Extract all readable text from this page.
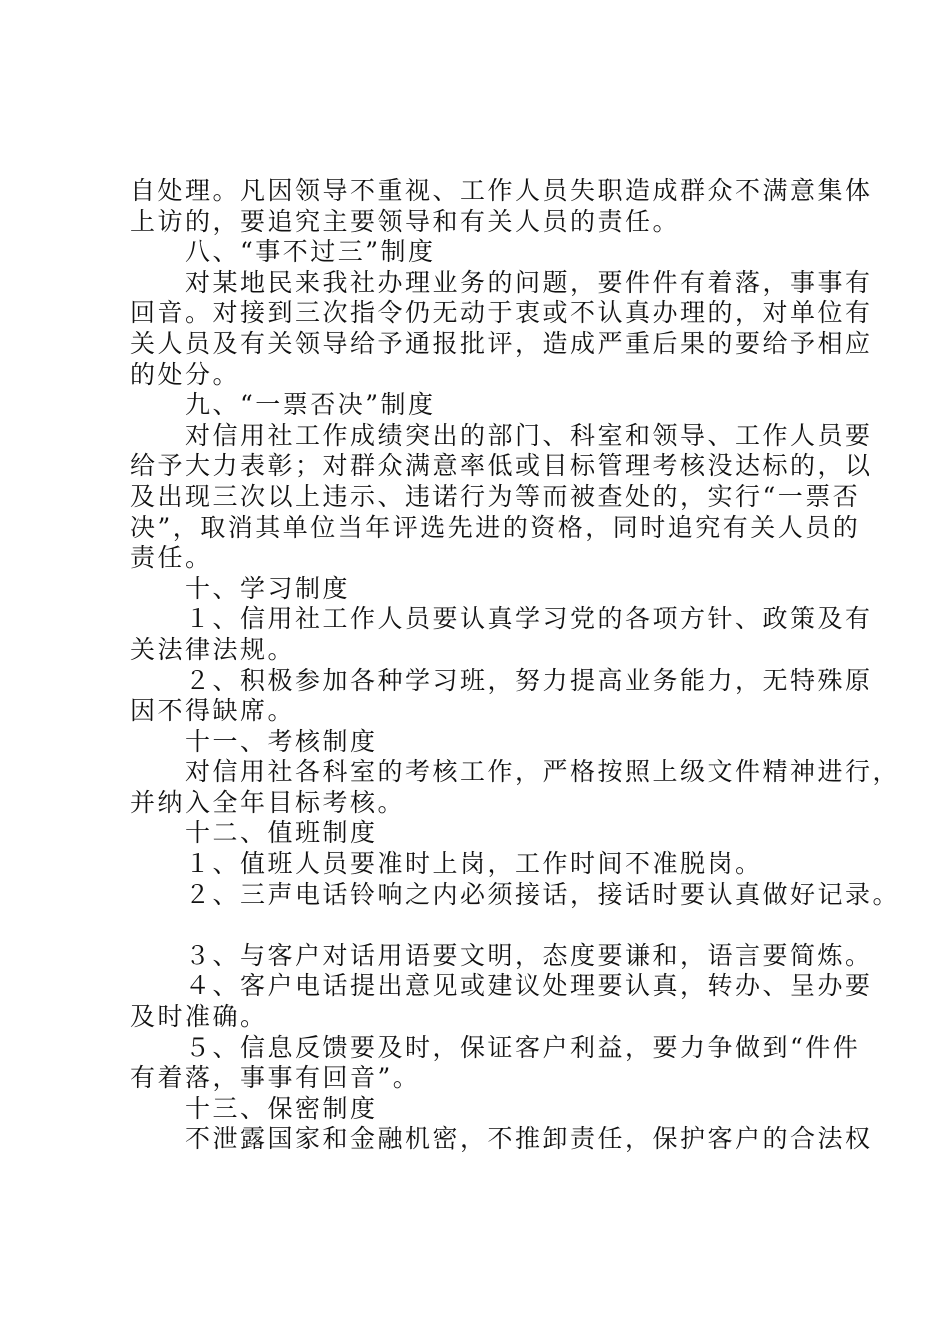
自处理。凡因领导不重视、工作人员失职造成群众不满意集体
上访的，要追究主要领导和有关人员的责任。
　　八、“事不过三”制度
　　对某地民来我社办理业务的问题，要件件有着落，事事有
回音。对接到三次指令仍无动于衷或不认真办理的，对单位有
关人员及有关领导给予通报批评，造成严重后果的要给予相应
的处分。
　　九、“一票否决”制度
　　对信用社工作成绩突出的部门、科室和领导、工作人员要
给予大力表彰；对群众满意率低或目标管理考核没达标的，以
及出现三次以上违示、违诺行为等而被查处的，实行“一票否
决”，取消其单位当年评选先进的资格，同时追究有关人员的
责任。
　　十、学习制度
　　１、信用社工作人员要认真学习党的各项方针、政策及有
关法律法规。
　　２、积极参加各种学习班，努力提高业务能力，无特殊原
因不得缺席。
　　十一、考核制度
　　对信用社各科室的考核工作，严格按照上级文件精神进行，
并纳入全年目标考核。
　　十二、值班制度
　　１、值班人员要准时上岗，工作时间不准脱岗。
　　２、三声电话铃响之内必须接话，接话时要认真做好记录。
　　３、与客户对话用语要文明，态度要谦和，语言要简炼。
　　４、客户电话提出意见或建议处理要认真，转办、呈办要
及时准确。
　　５、信息反馈要及时，保证客户利益，要力争做到“件件
有着落，事事有回音”。
　　十三、保密制度
　　不泄露国家和金融机密，不推卸责任，保护客户的合法权
